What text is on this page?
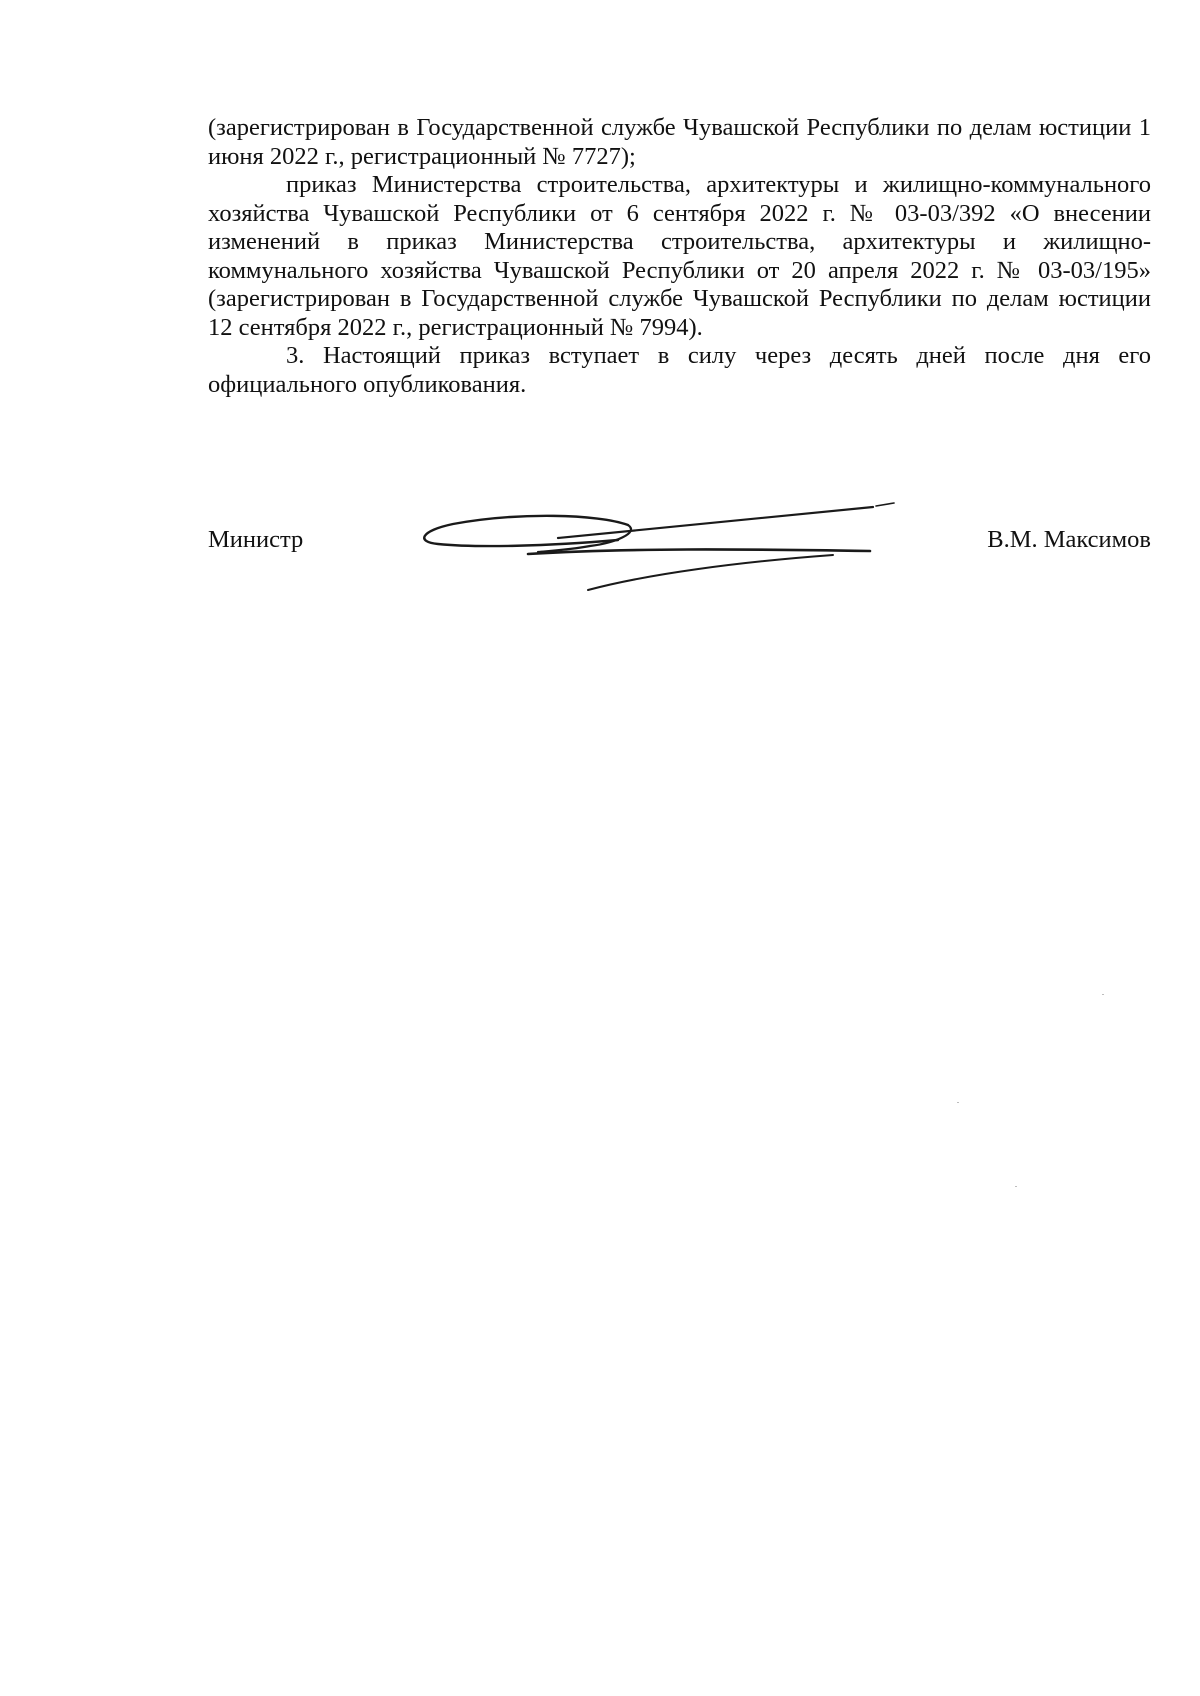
(зарегистрирован в Государственной службе Чувашской Республики по делам юстиции 1 июня 2022 г., регистрационный № 7727);

приказ Министерства строительства, архитектуры и жилищно-коммунального хозяйства Чувашской Республики от 6 сентября 2022 г. № 03-03/392 «О внесении изменений в приказ Министерства строительства, архитектуры и жилищно-коммунального хозяйства Чувашской Республики от 20 апреля 2022 г. № 03-03/195» (зарегистрирован в Государственной службе Чувашской Республики по делам юстиции 12 сентября 2022 г., регистрационный № 7994).

3. Настоящий приказ вступает в силу через десять дней после дня его официального опубликования.

Министр	В.М. Максимов
